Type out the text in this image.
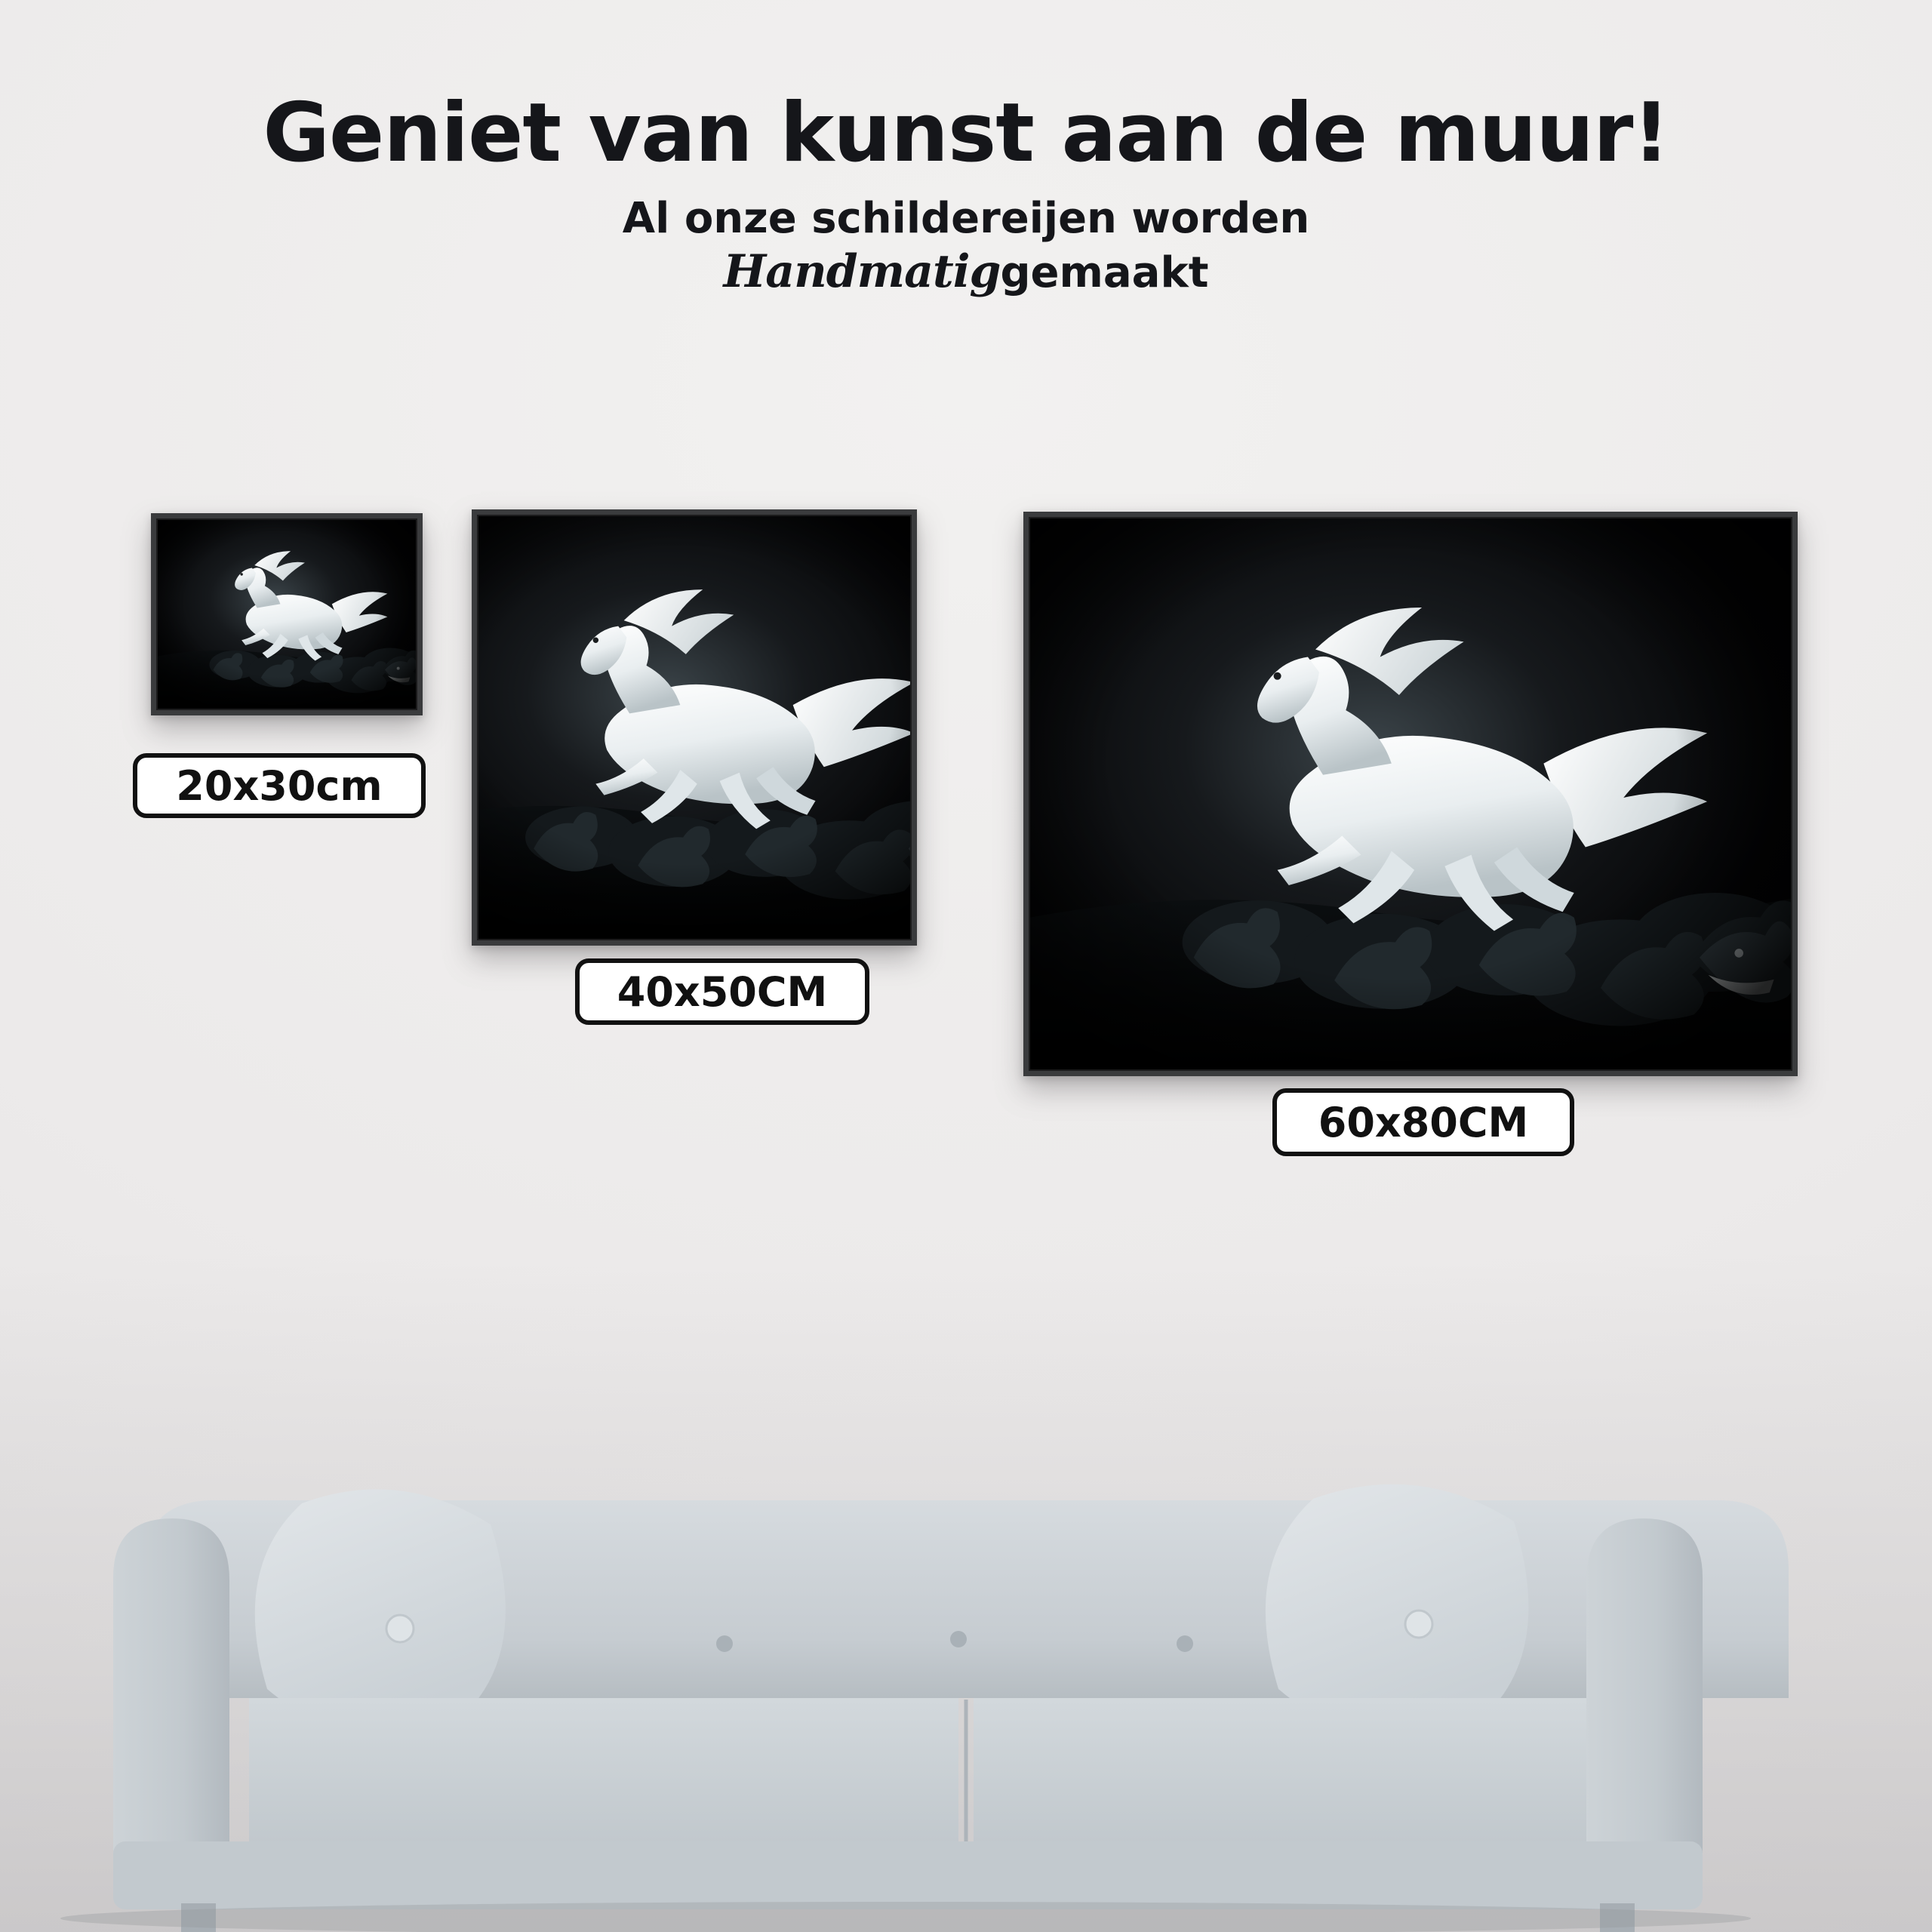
Geniet van kunst aan de muur!

Al onze schildereijen worden

Handmatiggemaakt

20x30cm
40x50CM
60x80CM
